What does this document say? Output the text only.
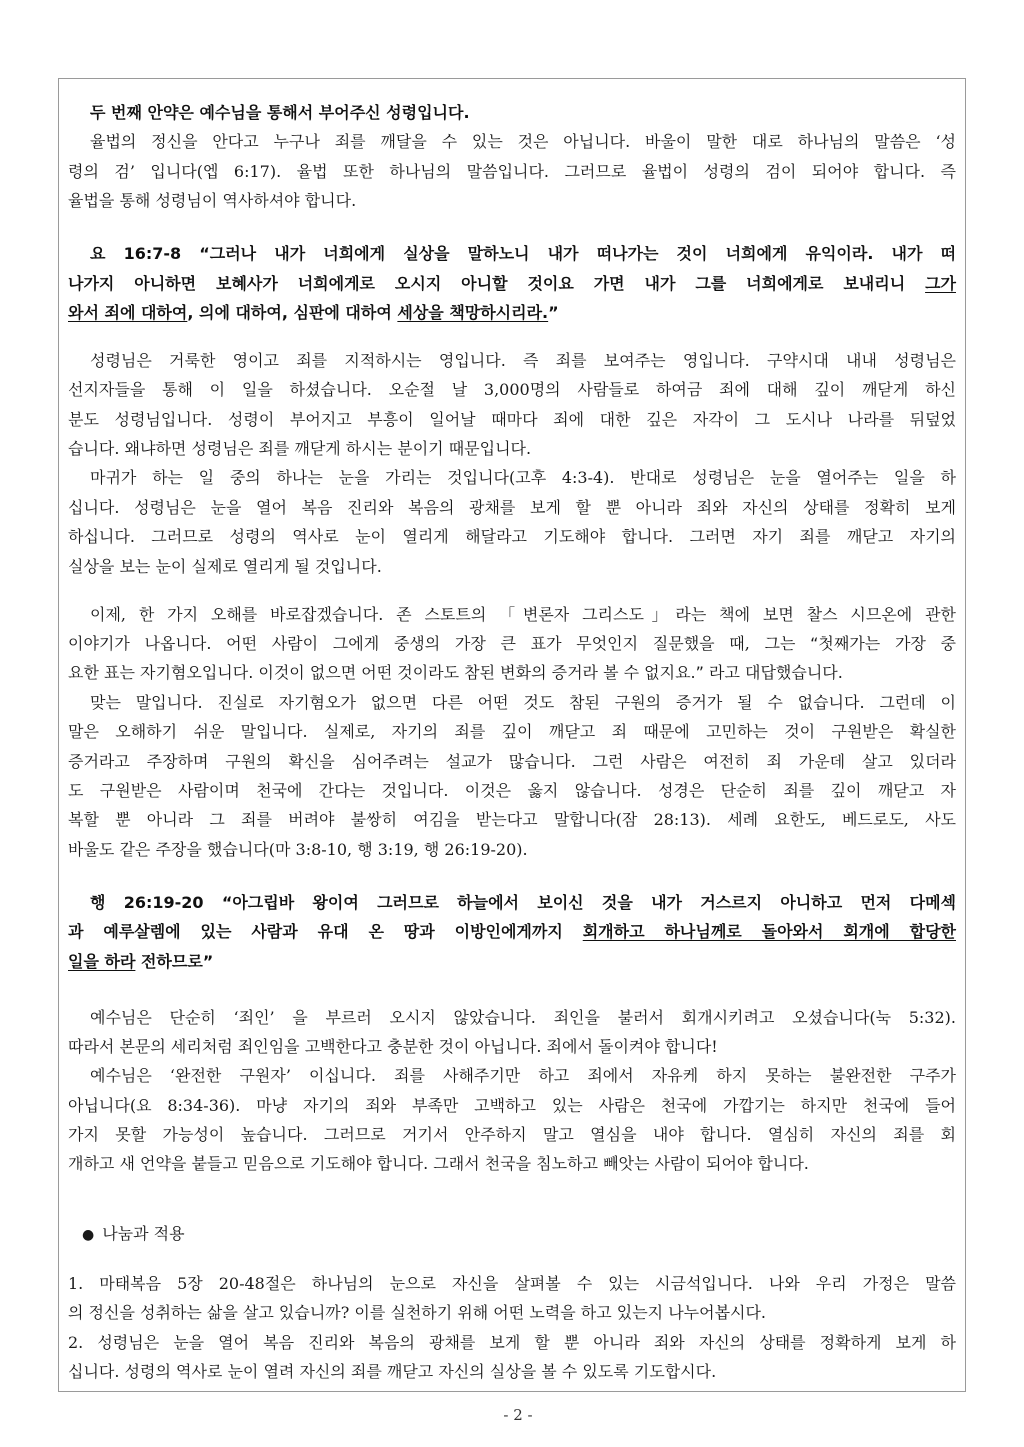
두 번째 안약은 예수님을 통해서 부어주신 성령입니다.
율법의 정신을 안다고 누구나 죄를 깨달을 수 있는 것은 아닙니다. 바울이 말한 대로 하나님의 말씀은 ‘성
령의 검’ 입니다(엡 6:17). 율법 또한 하나님의 말씀입니다. 그러므로 율법이 성령의 검이 되어야 합니다. 즉
율법을 통해 성령님이 역사하셔야 합니다.
요 16:7-8 “그러나 내가 너희에게 실상을 말하노니 내가 떠나가는 것이 너희에게 유익이라. 내가 떠
나가지 아니하면 보혜사가 너희에게로 오시지 아니할 것이요 가면 내가 그를 너희에게로 보내리니 그가
와서 죄에 대하여, 의에 대하여, 심판에 대하여 세상을 책망하시리라.”
성령님은 거룩한 영이고 죄를 지적하시는 영입니다. 즉 죄를 보여주는 영입니다. 구약시대 내내 성령님은
선지자들을 통해 이 일을 하셨습니다. 오순절 날 3,000명의 사람들로 하여금 죄에 대해 깊이 깨닫게 하신
분도 성령님입니다. 성령이 부어지고 부흥이 일어날 때마다 죄에 대한 깊은 자각이 그 도시나 나라를 뒤덮었
습니다. 왜냐하면 성령님은 죄를 깨닫게 하시는 분이기 때문입니다.
마귀가 하는 일 중의 하나는 눈을 가리는 것입니다(고후 4:3-4). 반대로 성령님은 눈을 열어주는 일을 하
십니다. 성령님은 눈을 열어 복음 진리와 복음의 광채를 보게 할 뿐 아니라 죄와 자신의 상태를 정확히 보게
하십니다. 그러므로 성령의 역사로 눈이 열리게 해달라고 기도해야 합니다. 그러면 자기 죄를 깨닫고 자기의
실상을 보는 눈이 실제로 열리게 될 것입니다.
이제, 한 가지 오해를 바로잡겠습니다. 존 스토트의 「변론자 그리스도」라는 책에 보면 찰스 시므온에 관한
이야기가 나옵니다. 어떤 사람이 그에게 중생의 가장 큰 표가 무엇인지 질문했을 때, 그는 “첫째가는 가장 중
요한 표는 자기혐오입니다. 이것이 없으면 어떤 것이라도 참된 변화의 증거라 볼 수 없지요.” 라고 대답했습니다.
맞는 말입니다. 진실로 자기혐오가 없으면 다른 어떤 것도 참된 구원의 증거가 될 수 없습니다. 그런데 이
말은 오해하기 쉬운 말입니다. 실제로, 자기의 죄를 깊이 깨닫고 죄 때문에 고민하는 것이 구원받은 확실한
증거라고 주장하며 구원의 확신을 심어주려는 설교가 많습니다. 그런 사람은 여전히 죄 가운데 살고 있더라
도 구원받은 사람이며 천국에 간다는 것입니다. 이것은 옳지 않습니다. 성경은 단순히 죄를 깊이 깨닫고 자
복할 뿐 아니라 그 죄를 버려야 불쌍히 여김을 받는다고 말합니다(잠 28:13). 세례 요한도, 베드로도, 사도
바울도 같은 주장을 했습니다(마 3:8-10, 행 3:19, 행 26:19-20).
행 26:19-20 “아그립바 왕이여 그러므로 하늘에서 보이신 것을 내가 거스르지 아니하고 먼저 다메섹
과 예루살렘에 있는 사람과 유대 온 땅과 이방인에게까지 회개하고 하나님께로 돌아와서 회개에 합당한
일을 하라 전하므로”
예수님은 단순히 ‘죄인’ 을 부르러 오시지 않았습니다. 죄인을 불러서 회개시키려고 오셨습니다(눅 5:32).
따라서 본문의 세리처럼 죄인임을 고백한다고 충분한 것이 아닙니다. 죄에서 돌이켜야 합니다!
예수님은 ‘완전한 구원자’ 이십니다. 죄를 사해주기만 하고 죄에서 자유케 하지 못하는 불완전한 구주가
아닙니다(요 8:34-36). 마냥 자기의 죄와 부족만 고백하고 있는 사람은 천국에 가깝기는 하지만 천국에 들어
가지 못할 가능성이 높습니다. 그러므로 거기서 안주하지 말고 열심을 내야 합니다. 열심히 자신의 죄를 회
개하고 새 언약을 붙들고 믿음으로 기도해야 합니다. 그래서 천국을 침노하고 빼앗는 사람이 되어야 합니다.
● 나눔과 적용
1. 마태복음 5장 20-48절은 하나님의 눈으로 자신을 살펴볼 수 있는 시금석입니다. 나와 우리 가정은 말씀
의 정신을 성취하는 삶을 살고 있습니까? 이를 실천하기 위해 어떤 노력을 하고 있는지 나누어봅시다.
2. 성령님은 눈을 열어 복음 진리와 복음의 광채를 보게 할 뿐 아니라 죄와 자신의 상태를 정확하게 보게 하
십니다. 성령의 역사로 눈이 열려 자신의 죄를 깨닫고 자신의 실상을 볼 수 있도록 기도합시다.
- 2 -
